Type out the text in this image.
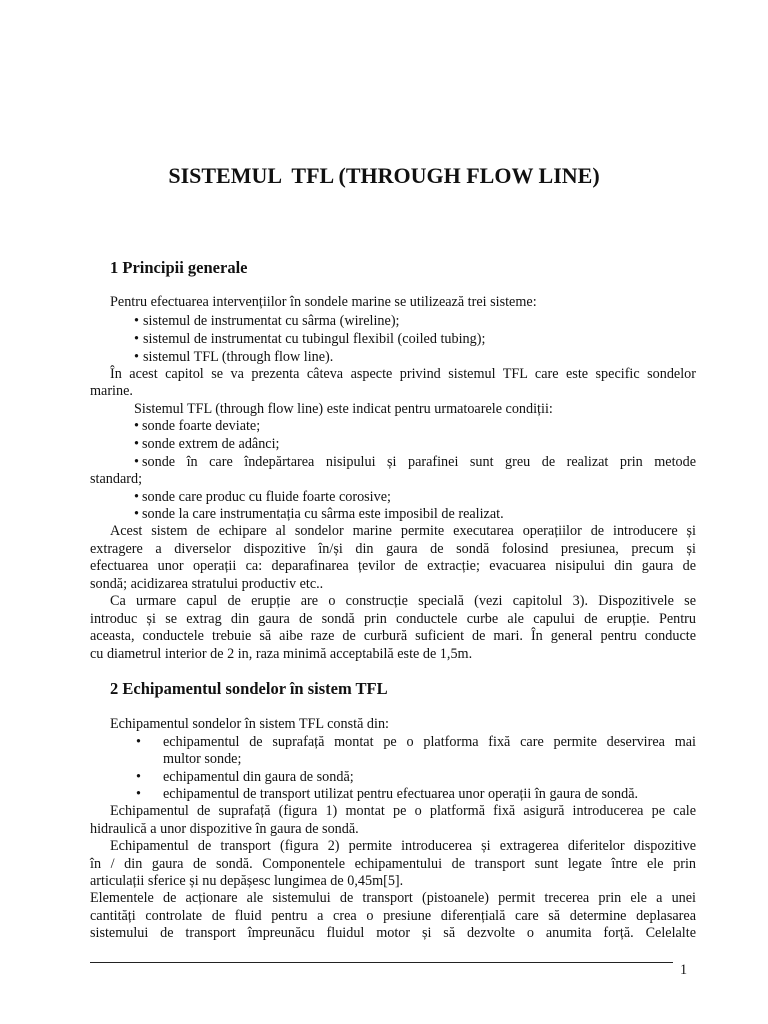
SISTEMUL  TFL (THROUGH FLOW LINE)
1 Principii generale
Pentru efectuarea intervențiilor în sondele marine se utilizează trei sisteme:
• sistemul de instrumentat cu sârma (wireline);
• sistemul de instrumentat cu tubingul flexibil (coiled tubing);
• sistemul TFL (through flow line).
În acest capitol se va prezenta câteva aspecte privind sistemul TFL care este specific sondelor
marine.
Sistemul TFL (through flow line) este indicat pentru urmatoarele condiții:
• sonde foarte deviate;
• sonde extrem de adânci;
• sonde în care îndepărtarea nisipului și parafinei sunt greu de realizat prin metode
standard;
• sonde care produc cu fluide foarte corosive;
• sonde la care instrumentația cu sârma este imposibil de realizat.
Acest sistem de echipare al sondelor marine permite executarea operațiilor de introducere și
extragere a diverselor dispozitive în/și din gaura de sondă folosind presiunea, precum și
efectuarea unor operații ca: deparafinarea țevilor de extracție; evacuarea nisipului din gaura de
sondă; acidizarea stratului productiv etc..
Ca urmare capul de erupție are o construcție specială (vezi capitolul 3). Dispozitivele se
introduc și se extrag din gaura de sondă prin conductele curbe ale capului de erupție. Pentru
aceasta, conductele trebuie să aibe raze de curbură suficient de mari. În general pentru conducte
cu diametrul interior de 2 in, raza minimă acceptabilă este de 1,5m.
2 Echipamentul sondelor în sistem TFL
Echipamentul sondelor în sistem TFL constă din:
• echipamentul de suprafață montat pe o platforma fixă care permite deservirea mai
multor sonde;
• echipamentul din gaura de sondă;
• echipamentul de transport utilizat pentru efectuarea unor operații în gaura de sondă.
Echipamentul de suprafață (figura 1) montat pe o platformă fixă asigură introducerea pe cale
hidraulică a unor dispozitive în gaura de sondă.
Echipamentul de transport (figura 2) permite introducerea și extragerea diferitelor dispozitive
în / din gaura de sondă. Componentele echipamentului de transport sunt legate între ele prin
articulații sferice și nu depășesc lungimea de 0,45m[5].
Elementele de acționare ale sistemului de transport (pistoanele) permit trecerea prin ele a unei
cantități controlate de fluid pentru a crea o presiune diferențială care să determine deplasarea
sistemului de transport împreunăcu fluidul motor și să dezvolte o anumita forță. Celelalte
1
